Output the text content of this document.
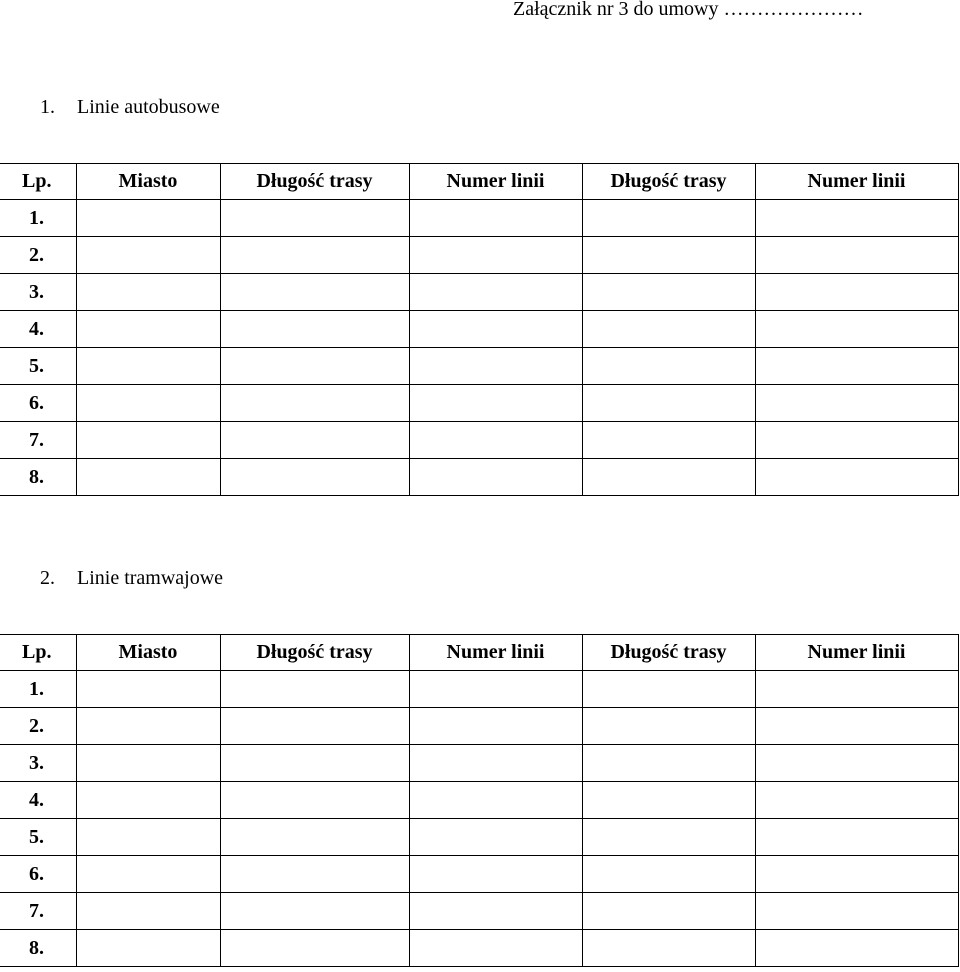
Załącznik nr 3 do umowy …………………
1. Linie autobusowe
Lp.	Miasto	Długość trasy	Numer linii	Długość trasy	Numer linii
1.					
2.					
3.					
4.					
5.					
6.					
7.					
8.					
2. Linie tramwajowe
Lp.	Miasto	Długość trasy	Numer linii	Długość trasy	Numer linii
1.					
2.					
3.					
4.					
5.					
6.					
7.					
8.					
